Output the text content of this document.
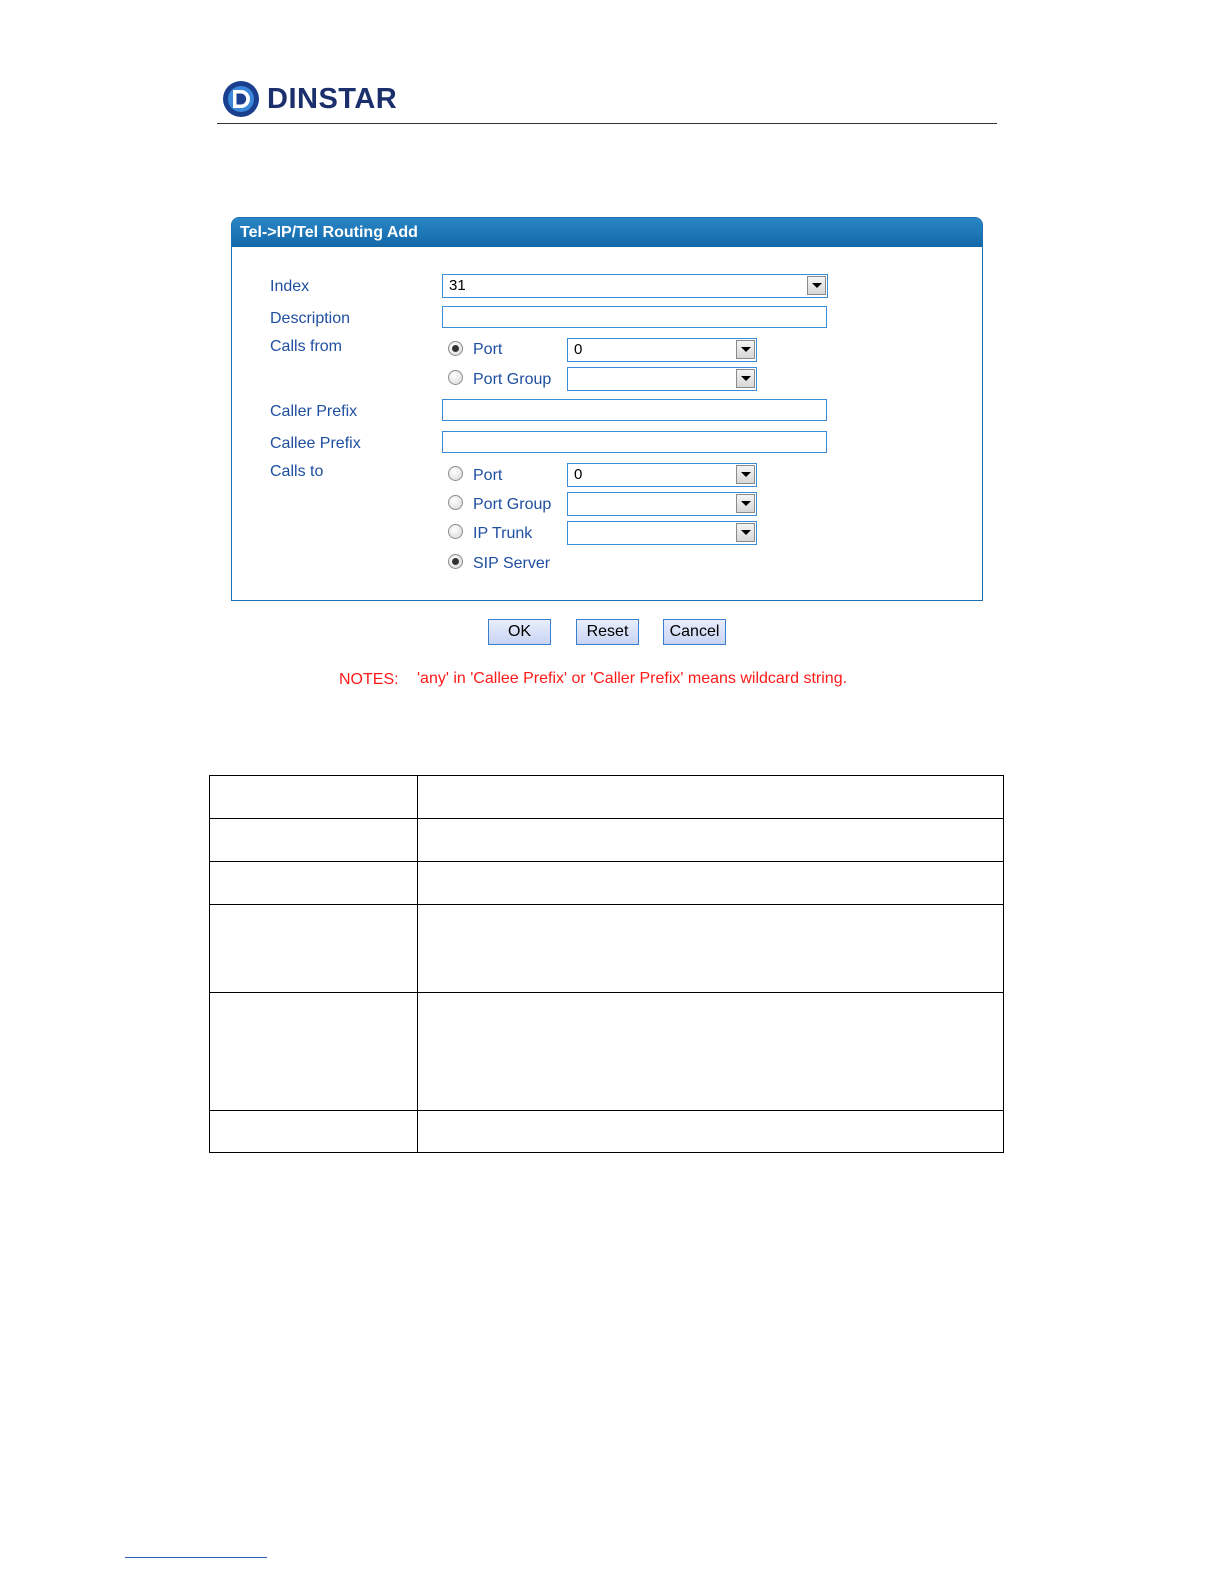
DINSTAR
Tel->IP/Tel Routing Add
Index	31
Description
Calls from	Port	0
Port Group
Caller Prefix
Callee Prefix
Calls to	Port	0
Port Group
IP Trunk
SIP Server
OK	Reset	Cancel
NOTES: 'any' in 'Callee Prefix' or 'Caller Prefix' means wildcard string.
